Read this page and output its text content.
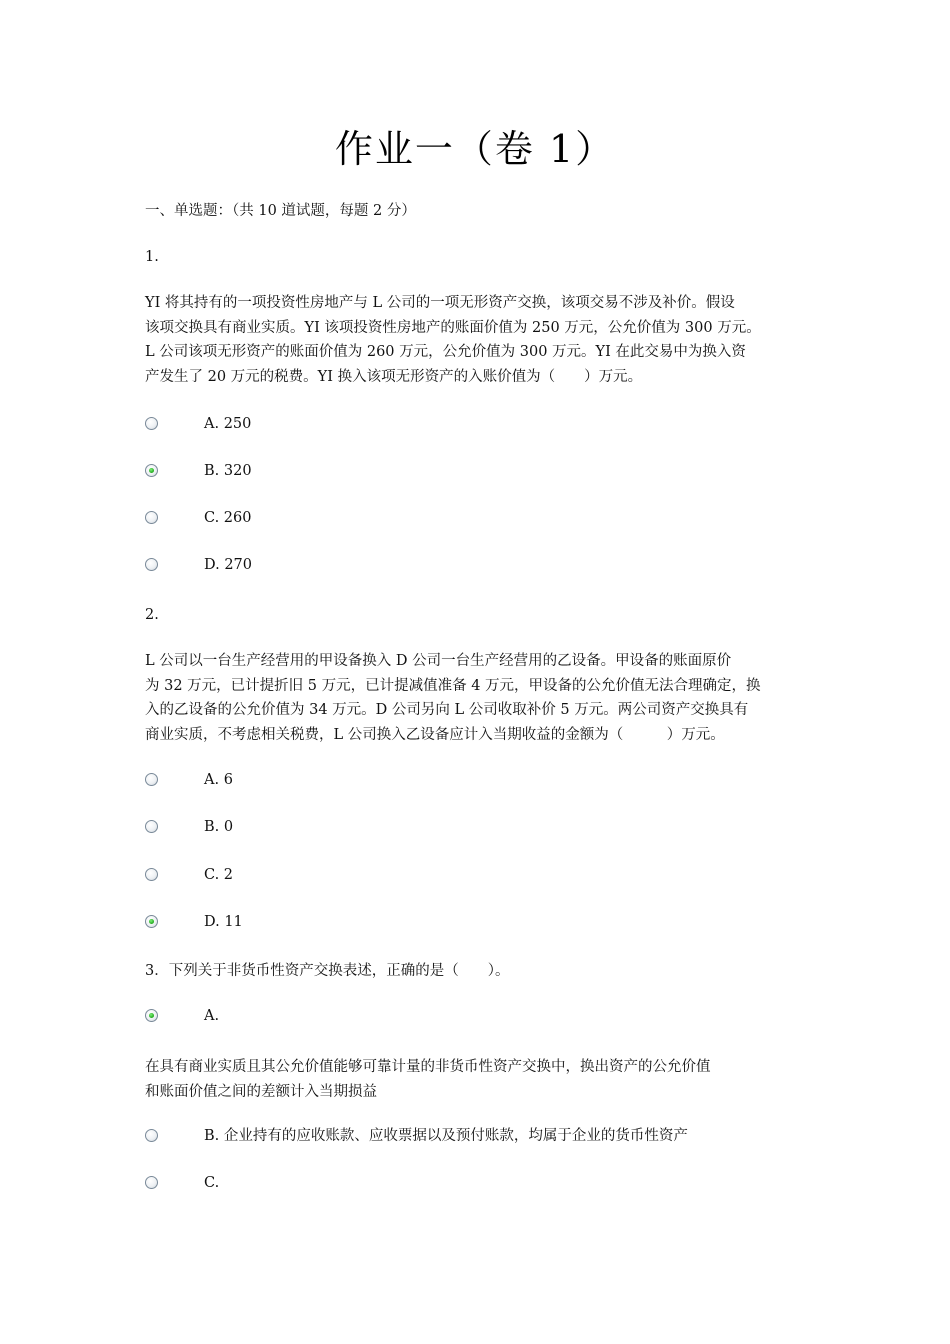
作业一（卷 1）
一、单选题：（共 10 道试题，每题 2 分）
1.
YI 将其持有的一项投资性房地产与 L 公司的一项无形资产交换，该项交易不涉及补价。假设
该项交换具有商业实质。YI 该项投资性房地产的账面价值为 250 万元，公允价值为 300 万元。
L 公司该项无形资产的账面价值为 260 万元，公允价值为 300 万元。YI 在此交易中为换入资
产发生了 20 万元的税费。YI 换入该项无形资产的入账价值为（　　）万元。
A. 250
B. 320
C. 260
D. 270
2.
L 公司以一台生产经营用的甲设备换入 D 公司一台生产经营用的乙设备。甲设备的账面原价
为 32 万元，已计提折旧 5 万元，已计提减值准备 4 万元，甲设备的公允价值无法合理确定，换
入的乙设备的公允价值为 34 万元。D 公司另向 L 公司收取补价 5 万元。两公司资产交换具有
商业实质，不考虑相关税费，L 公司换入乙设备应计入当期收益的金额为（　　　）万元。
A. 6
B. 0
C. 2
D. 11
3．下列关于非货币性资产交换表述，正确的是（　　）。
A.
在具有商业实质且其公允价值能够可靠计量的非货币性资产交换中，换出资产的公允价值
和账面价值之间的差额计入当期损益
B. 企业持有的应收账款、应收票据以及预付账款，均属于企业的货币性资产
C.
